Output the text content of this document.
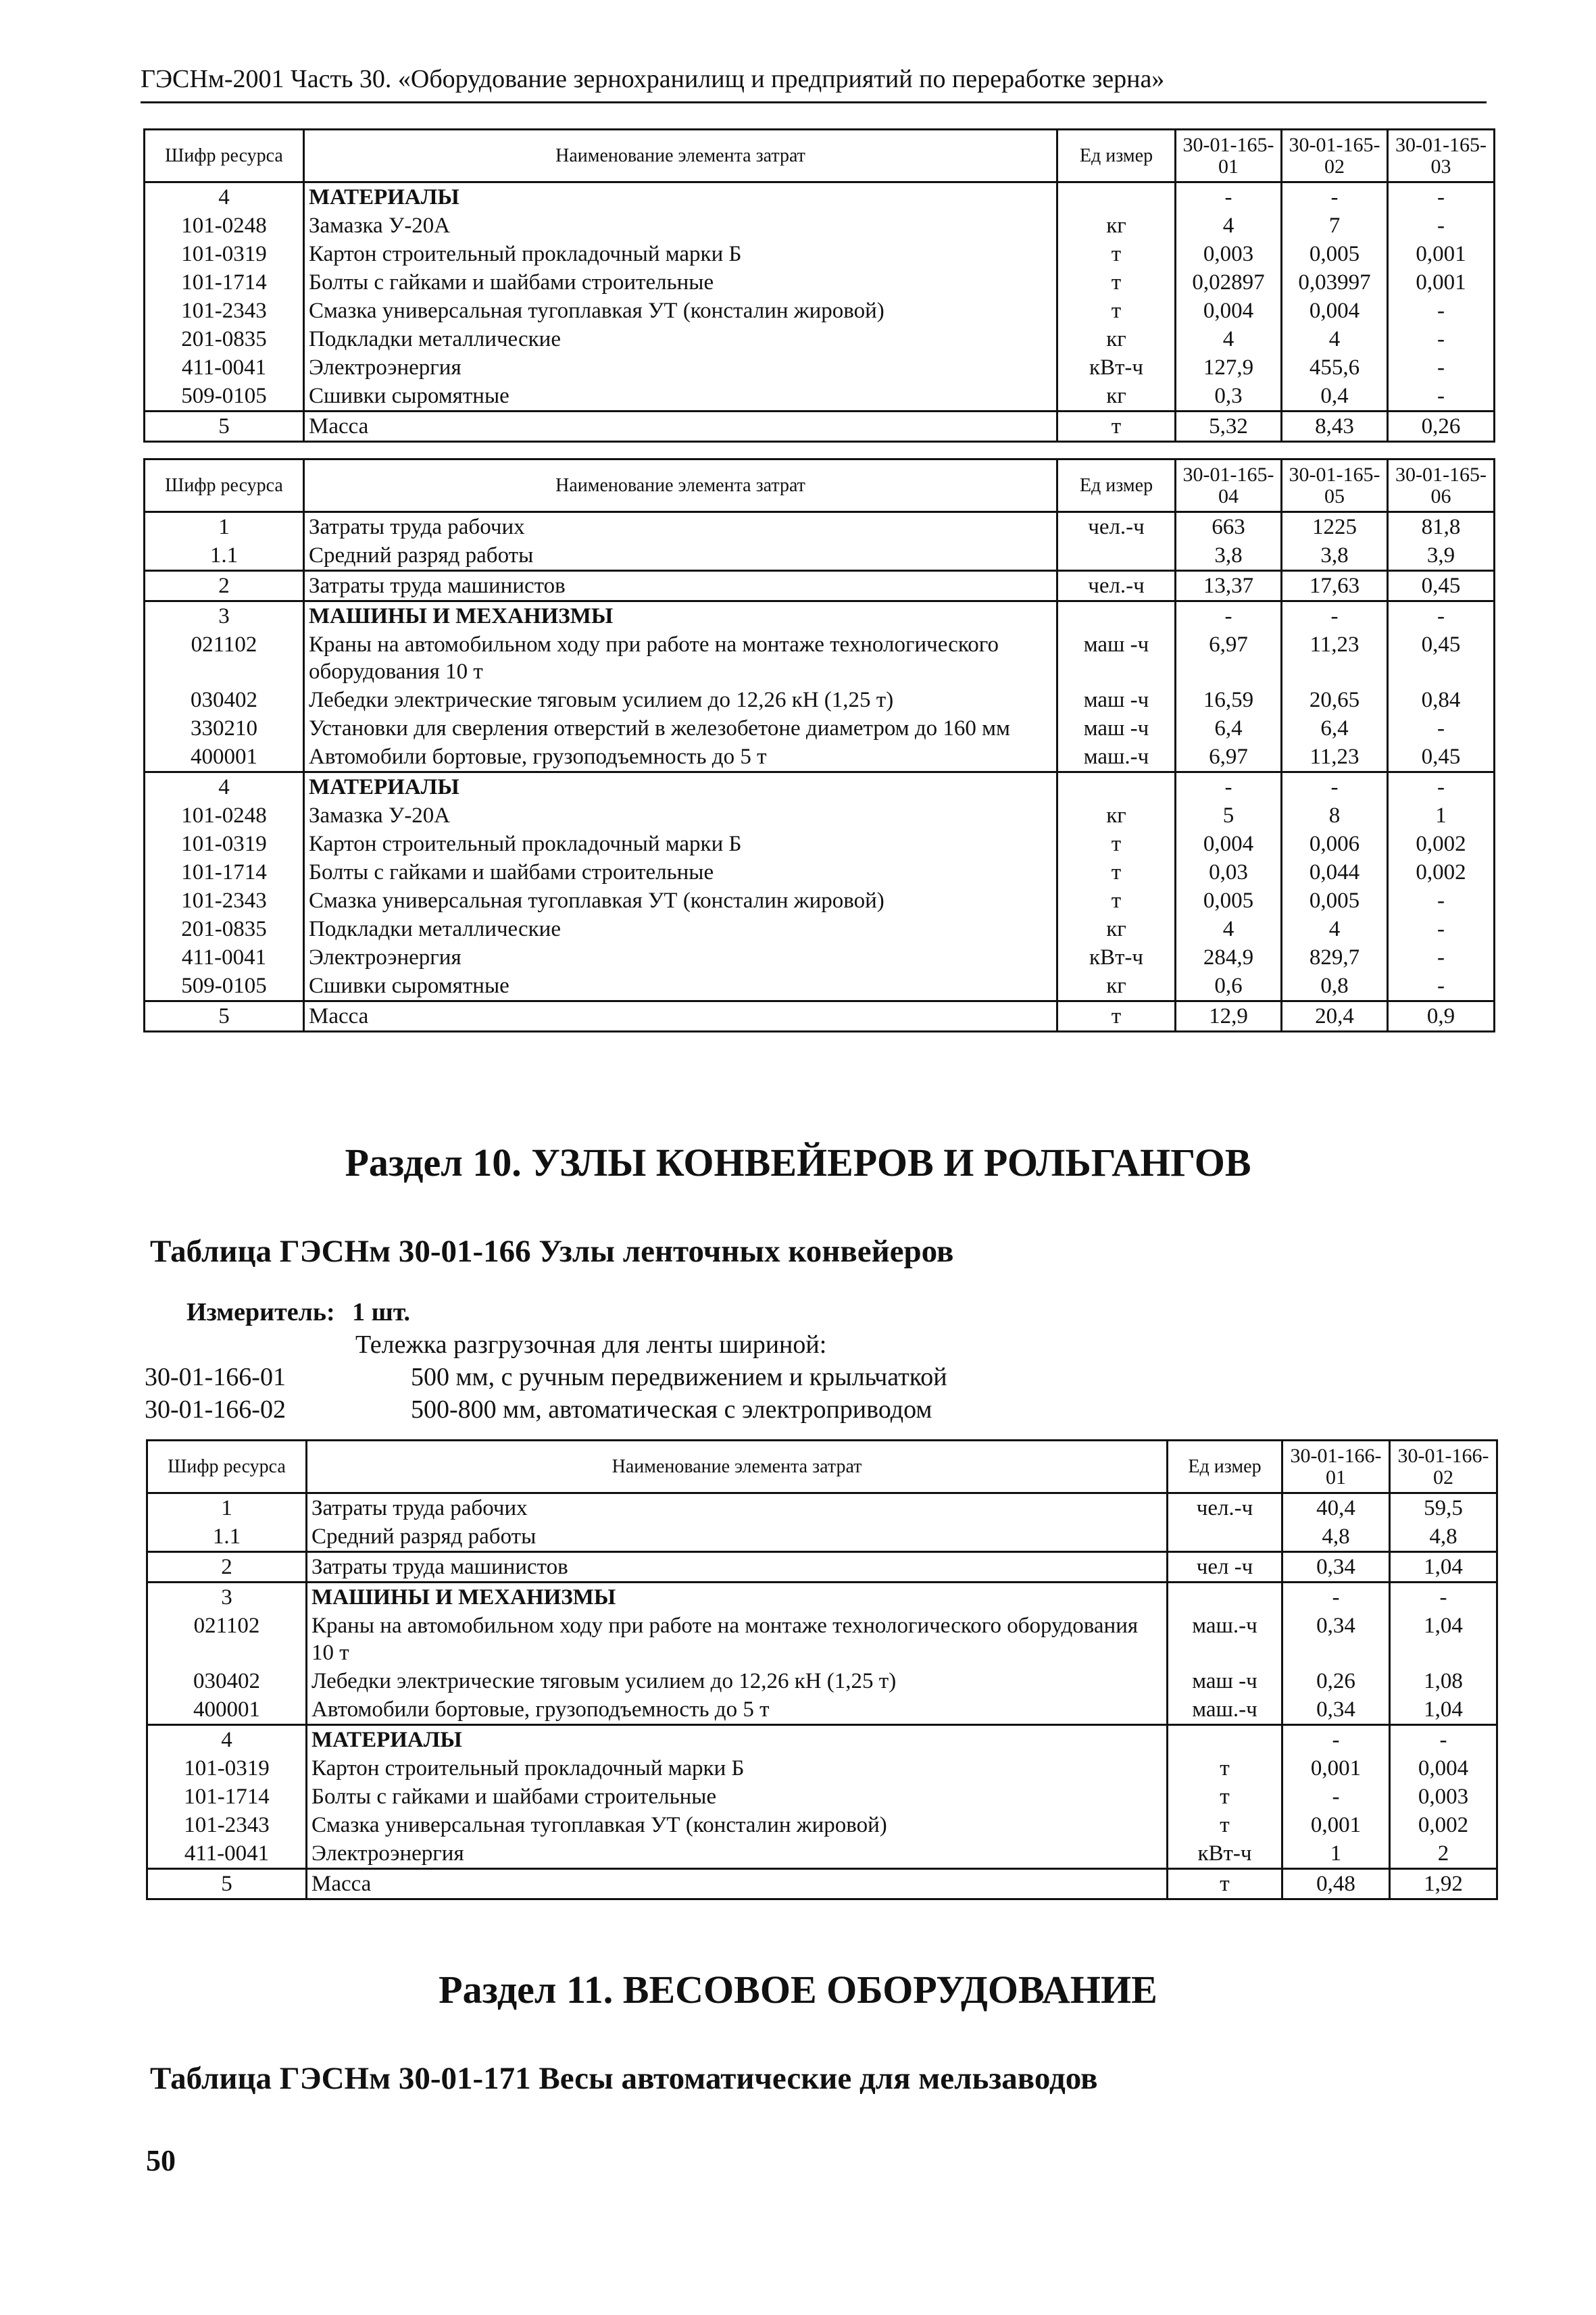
ГЭСНм-2001 Часть 30. «Оборудование зернохранилищ и предприятий по переработке зерна»
Шифр ресурса	Наименование элемента затрат	Ед измер	30-01-165-01	30-01-165-02	30-01-165-03
4	МАТЕРИАЛЫ		-	-	-
101-0248	Замазка У-20А	кг	4	7	-
101-0319	Картон строительный прокладочный марки Б	т	0,003	0,005	0,001
101-1714	Болты с гайками и шайбами строительные	т	0,02897	0,03997	0,001
101-2343	Смазка универсальная тугоплавкая УТ (консталин жировой)	т	0,004	0,004	-
201-0835	Подкладки металлические	кг	4	4	-
411-0041	Электроэнергия	кВт-ч	127,9	455,6	-
509-0105	Сшивки сыромятные	кг	0,3	0,4	-
5	Масса	т	5,32	8,43	0,26
Шифр ресурса	Наименование элемента затрат	Ед измер	30-01-165-04	30-01-165-05	30-01-165-06
1	Затраты труда рабочих	чел.-ч	663	1225	81,8
1.1	Средний разряд работы		3,8	3,8	3,9
2	Затраты труда машинистов	чел.-ч	13,37	17,63	0,45
3	МАШИНЫ И МЕХАНИЗМЫ		-	-	-
021102	Краны на автомобильном ходу при работе на монтаже технологического оборудования 10 т	маш -ч	6,97	11,23	0,45
030402	Лебедки электрические тяговым усилием до 12,26 кН (1,25 т)	маш -ч	16,59	20,65	0,84
330210	Установки для сверления отверстий в железобетоне диаметром до 160 мм	маш -ч	6,4	6,4	-
400001	Автомобили бортовые, грузоподъемность до 5 т	маш.-ч	6,97	11,23	0,45
4	МАТЕРИАЛЫ		-	-	-
101-0248	Замазка У-20А	кг	5	8	1
101-0319	Картон строительный прокладочный марки Б	т	0,004	0,006	0,002
101-1714	Болты с гайками и шайбами строительные	т	0,03	0,044	0,002
101-2343	Смазка универсальная тугоплавкая УТ (консталин жировой)	т	0,005	0,005	-
201-0835	Подкладки металлические	кг	4	4	-
411-0041	Электроэнергия	кВт-ч	284,9	829,7	-
509-0105	Сшивки сыромятные	кг	0,6	0,8	-
5	Масса	т	12,9	20,4	0,9
Раздел 10. УЗЛЫ КОНВЕЙЕРОВ И РОЛЬГАНГОВ
Таблица ГЭСНм 30-01-166 Узлы ленточных конвейеров
Измеритель: 1 шт.
Тележка разгрузочная для ленты шириной:
30-01-166-01	500 мм, с ручным передвижением и крыльчаткой
30-01-166-02	500-800 мм, автоматическая с электроприводом
Шифр ресурса	Наименование элемента затрат	Ед измер	30-01-166-01	30-01-166-02
1	Затраты труда рабочих	чел.-ч	40,4	59,5
1.1	Средний разряд работы		4,8	4,8
2	Затраты труда машинистов	чел -ч	0,34	1,04
3	МАШИНЫ И МЕХАНИЗМЫ		-	-
021102	Краны на автомобильном ходу при работе на монтаже технологического оборудования 10 т	маш.-ч	0,34	1,04
030402	Лебедки электрические тяговым усилием до 12,26 кН (1,25 т)	маш -ч	0,26	1,08
400001	Автомобили бортовые, грузоподъемность до 5 т	маш.-ч	0,34	1,04
4	МАТЕРИАЛЫ		-	-
101-0319	Картон строительный прокладочный марки Б	т	0,001	0,004
101-1714	Болты с гайками и шайбами строительные	т	-	0,003
101-2343	Смазка универсальная тугоплавкая УТ (консталин жировой)	т	0,001	0,002
411-0041	Электроэнергия	кВт-ч	1	2
5	Масса	т	0,48	1,92
Раздел 11. ВЕСОВОЕ ОБОРУДОВАНИЕ
Таблица ГЭСНм 30-01-171 Весы автоматические для мельзаводов
50
